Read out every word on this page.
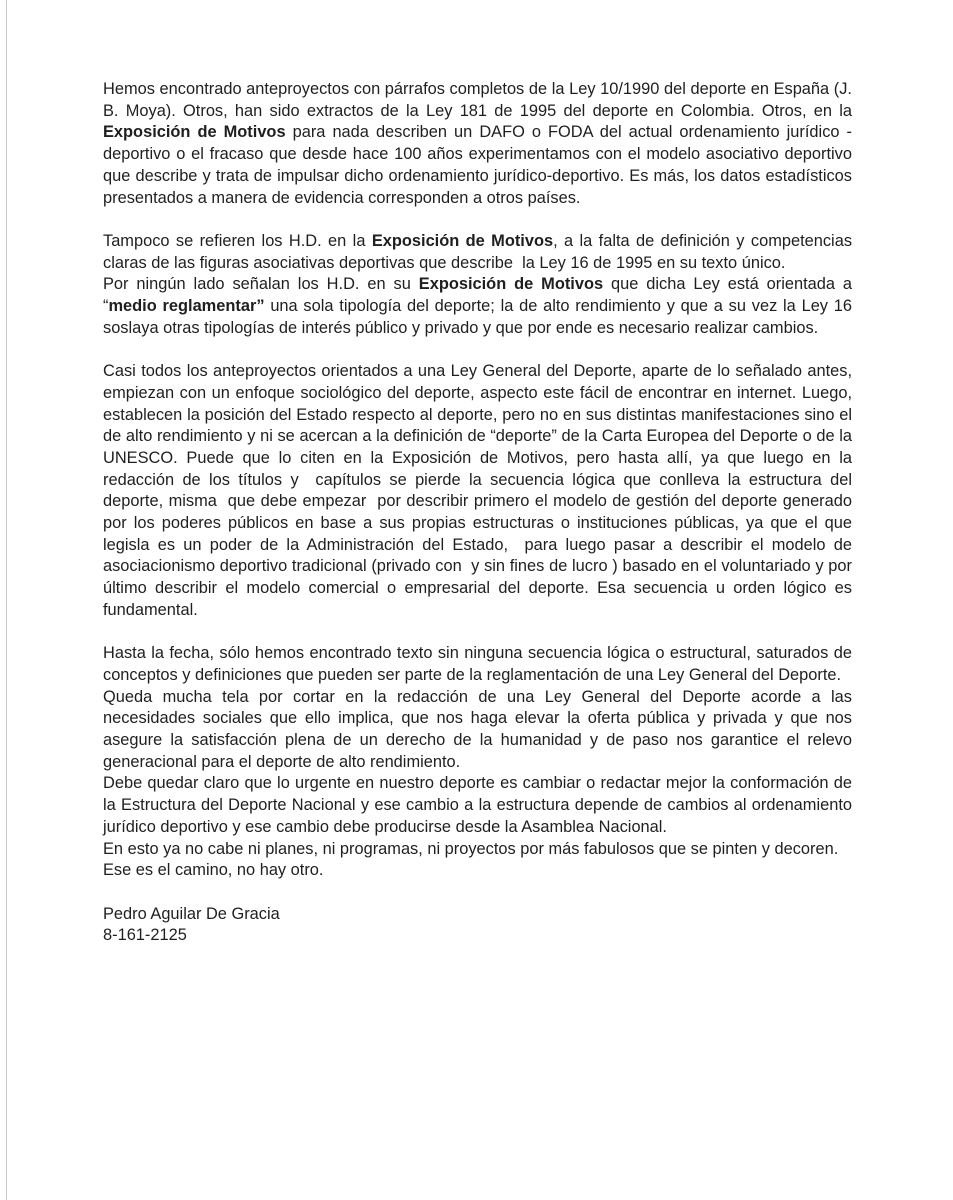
Hemos encontrado anteproyectos con párrafos completos de la Ley 10/1990 del deporte en España (J. B. Moya). Otros, han sido extractos de la Ley 181 de 1995 del deporte en Colombia. Otros, en la Exposición de Motivos para nada describen un DAFO o FODA del actual ordenamiento jurídico -deportivo o el fracaso que desde hace 100 años experimentamos con el modelo asociativo deportivo que describe y trata de impulsar dicho ordenamiento jurídico-deportivo. Es más, los datos estadísticos presentados a manera de evidencia corresponden a otros países.

Tampoco se refieren los H.D. en la Exposición de Motivos, a la falta de definición y competencias claras de las figuras asociativas deportivas que describe  la Ley 16 de 1995 en su texto único.

Por ningún lado señalan los H.D. en su Exposición de Motivos que dicha Ley está orientada a “medio reglamentar” una sola tipología del deporte; la de alto rendimiento y que a su vez la Ley 16 soslaya otras tipologías de interés público y privado y que por ende es necesario realizar cambios.

Casi todos los anteproyectos orientados a una Ley General del Deporte, aparte de lo señalado antes, empiezan con un enfoque sociológico del deporte, aspecto este fácil de encontrar en internet. Luego, establecen la posición del Estado respecto al deporte, pero no en sus distintas manifestaciones sino el de alto rendimiento y ni se acercan a la definición de “deporte” de la Carta Europea del Deporte o de la UNESCO. Puede que lo citen en la Exposición de Motivos, pero hasta allí, ya que luego en la redacción de los títulos y  capítulos se pierde la secuencia lógica que conlleva la estructura del deporte, misma  que debe empezar  por describir primero el modelo de gestión del deporte generado por los poderes públicos en base a sus propias estructuras o instituciones públicas, ya que el que legisla es un poder de la Administración del Estado,  para luego pasar a describir el modelo de asociacionismo deportivo tradicional (privado con  y sin fines de lucro ) basado en el voluntariado y por último describir el modelo comercial o empresarial del deporte. Esa secuencia u orden lógico es fundamental.

Hasta la fecha, sólo hemos encontrado texto sin ninguna secuencia lógica o estructural, saturados de conceptos y definiciones que pueden ser parte de la reglamentación de una Ley General del Deporte.

Queda mucha tela por cortar en la redacción de una Ley General del Deporte acorde a las necesidades sociales que ello implica, que nos haga elevar la oferta pública y privada y que nos asegure la satisfacción plena de un derecho de la humanidad y de paso nos garantice el relevo generacional para el deporte de alto rendimiento.

Debe quedar claro que lo urgente en nuestro deporte es cambiar o redactar mejor la conformación de la Estructura del Deporte Nacional y ese cambio a la estructura depende de cambios al ordenamiento jurídico deportivo y ese cambio debe producirse desde la Asamblea Nacional.

En esto ya no cabe ni planes, ni programas, ni proyectos por más fabulosos que se pinten y decoren.

Ese es el camino, no hay otro.

Pedro Aguilar De Gracia

8-161-2125
